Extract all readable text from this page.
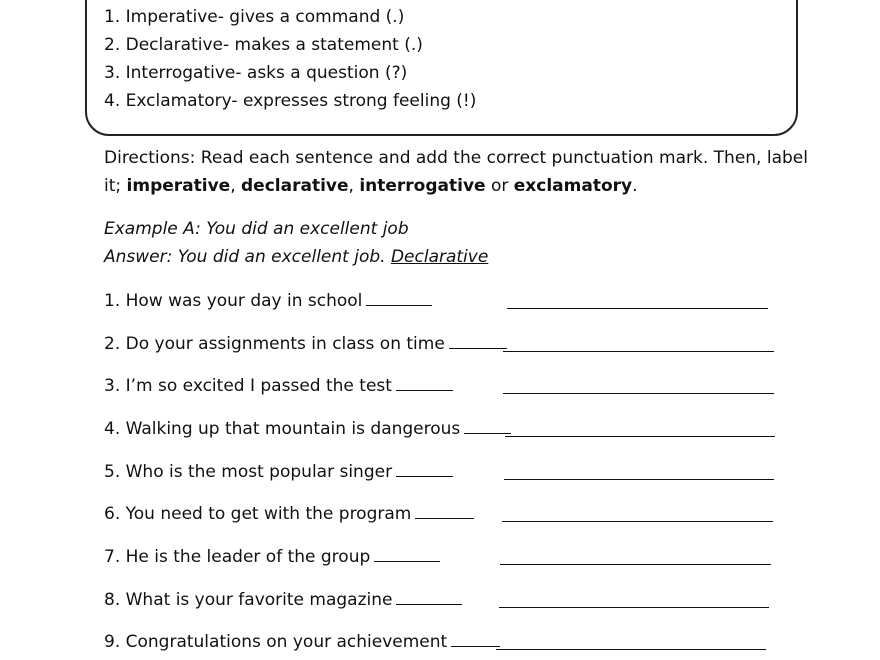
1. Imperative- gives a command (.)
2. Declarative- makes a statement (.)
3. Interrogative- asks a question (?)
4. Exclamatory- expresses strong feeling (!)
Directions: Read each sentence and add the correct punctuation mark. Then, label
it; imperative, declarative, interrogative or exclamatory.
Example A: You did an excellent job
Answer: You did an excellent job. Declarative
1. How was your day in school
2. Do your assignments in class on time
3. I’m so excited I passed the test
4. Walking up that mountain is dangerous
5. Who is the most popular singer
6. You need to get with the program
7. He is the leader of the group
8. What is your favorite magazine
9. Congratulations on your achievement
